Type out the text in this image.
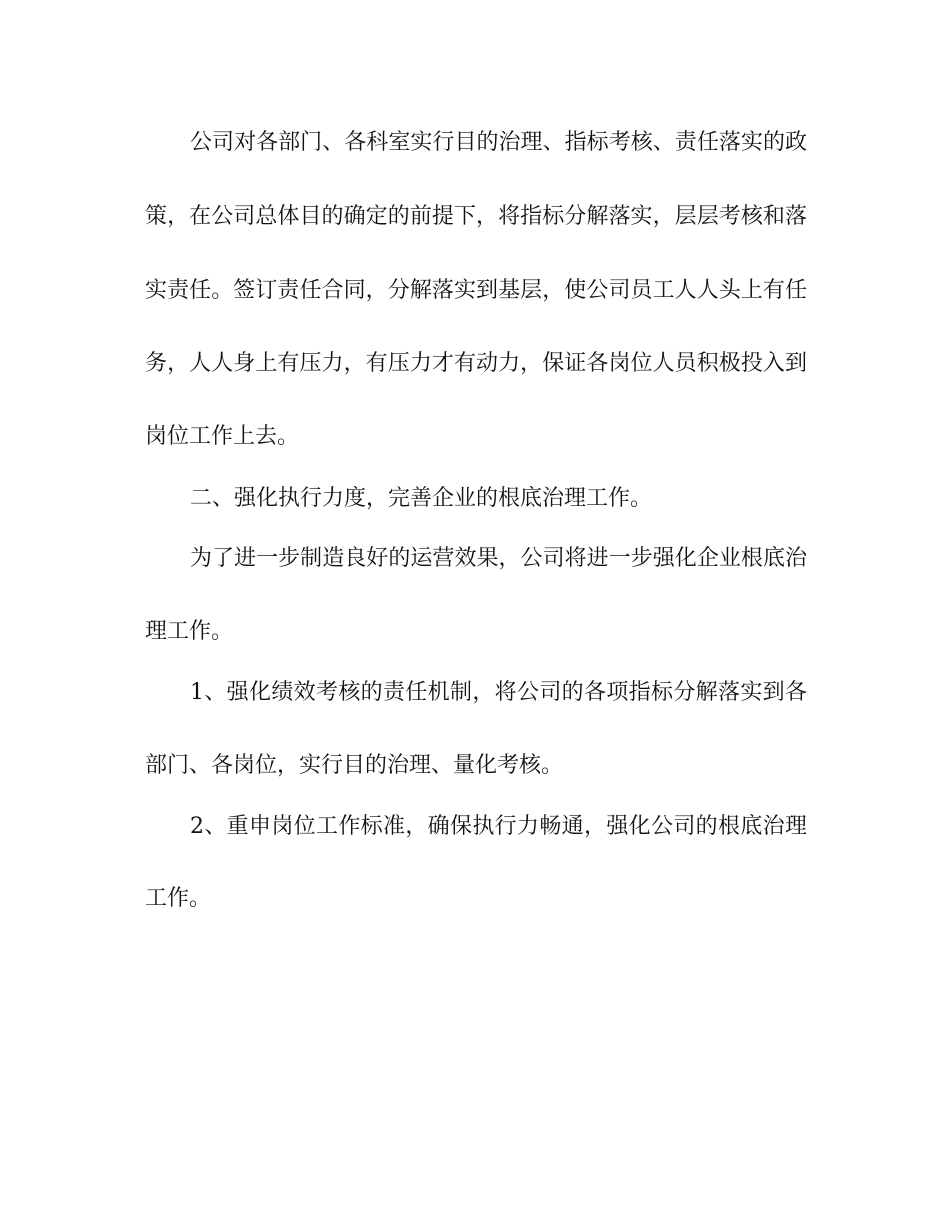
公司对各部门、各科室实行目的治理、指标考核、责任落实的政
策，在公司总体目的确定的前提下，将指标分解落实，层层考核和落
实责任。签订责任合同，分解落实到基层，使公司员工人人头上有任
务，人人身上有压力，有压力才有动力，保证各岗位人员积极投入到
岗位工作上去。
二、强化执行力度，完善企业的根底治理工作。
为了进一步制造良好的运营效果，公司将进一步强化企业根底治
理工作。
1、强化绩效考核的责任机制，将公司的各项指标分解落实到各
部门、各岗位，实行目的治理、量化考核。
2、重申岗位工作标准，确保执行力畅通，强化公司的根底治理
工作。
